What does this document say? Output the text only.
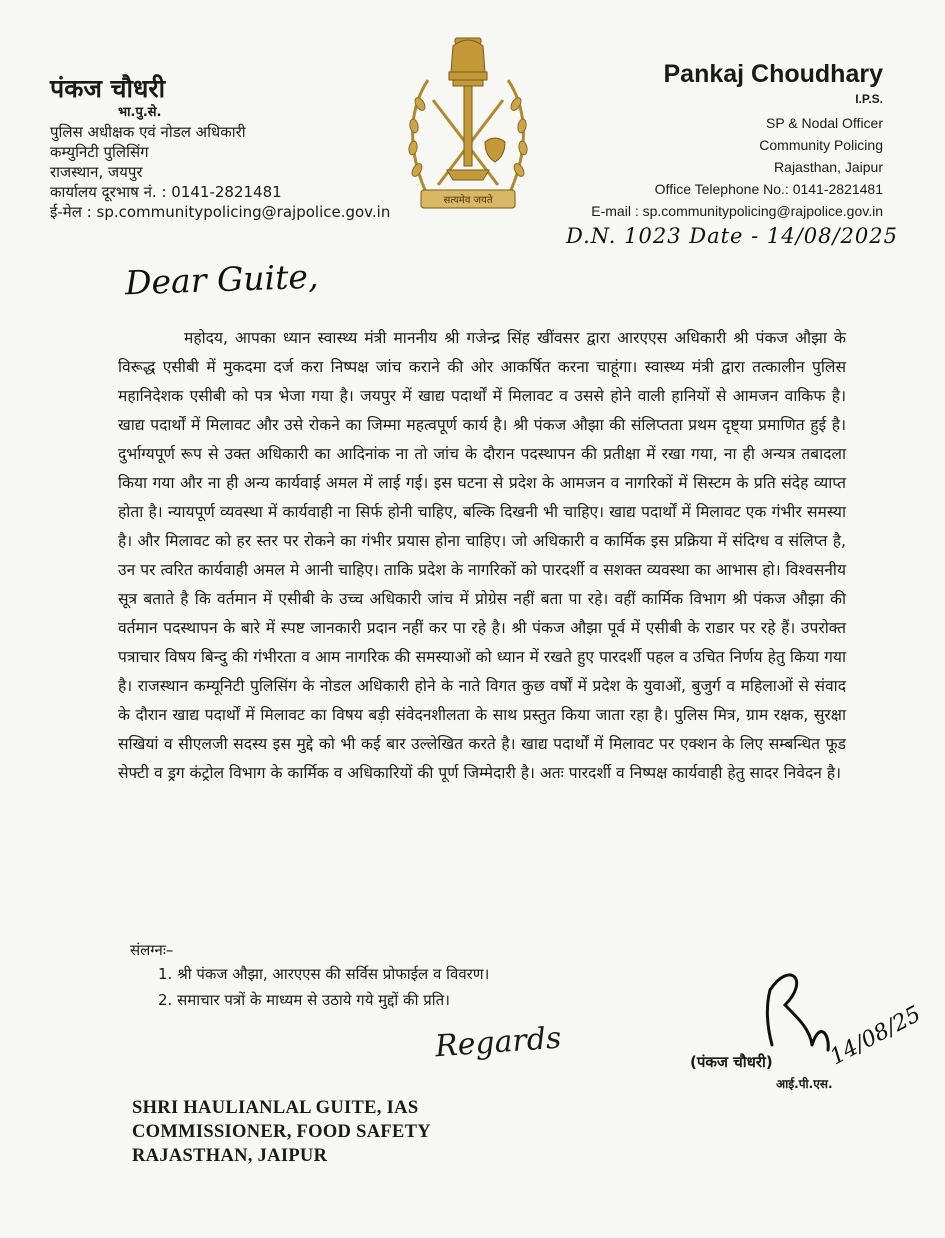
पंकज चौधरी
भा.पु.से.
पुलिस अधीक्षक एवं नोडल अधिकारी
कम्युनिटी पुलिसिंग
राजस्थान, जयपुर
कार्यालय दूरभाष नं. : 0141-2821481
ई-मेल : sp.communitypolicing@rajpolice.gov.in
सत्यमेव जयते
Pankaj Choudhary
I.P.S.
SP & Nodal Officer
Community Policing
Rajasthan, Jaipur
Office Telephone No.: 0141-2821481
E-mail : sp.communitypolicing@rajpolice.gov.in
D.N. 1023 Date - 14/08/2025
Dear Guite,

महोदय, आपका ध्यान स्वास्थ्य मंत्री माननीय श्री गजेन्द्र सिंह खींवसर द्वारा आरएएस अधिकारी श्री पंकज औझा के विरूद्ध एसीबी में मुकदमा दर्ज करा निष्पक्ष जांच कराने की ओर आकर्षित करना चाहूंगा। स्वास्थ्य मंत्री द्वारा तत्कालीन पुलिस महानिदेशक एसीबी को पत्र भेजा गया है। जयपुर में खाद्य पदार्थों में मिलावट व उससे होने वाली हानियों से आमजन वाकिफ है। खाद्य पदार्थों में मिलावट और उसे रोकने का जिम्मा महत्वपूर्ण कार्य है। श्री पंकज औझा की संलिप्तता प्रथम दृष्ट्या प्रमाणित हुई है। दुर्भाग्यपूर्ण रूप से उक्त अधिकारी का आदिनांक ना तो जांच के दौरान पदस्थापन की प्रतीक्षा में रखा गया, ना ही अन्यत्र तबादला किया गया और ना ही अन्य कार्यवाई अमल में लाई गई। इस घटना से प्रदेश के आमजन व नागरिकों में सिस्टम के प्रति संदेह व्याप्त होता है। न्यायपूर्ण व्यवस्था में कार्यवाही ना सिर्फ होनी चाहिए, बल्कि दिखनी भी चाहिए। खाद्य पदार्थों में मिलावट एक गंभीर समस्या है। और मिलावट को हर स्तर पर रोकने का गंभीर प्रयास होना चाहिए। जो अधिकारी व कार्मिक इस प्रक्रिया में संदिग्ध व संलिप्त है, उन पर त्वरित कार्यवाही अमल मे आनी चाहिए। ताकि प्रदेश के नागरिकों को पारदर्शी व सशक्त व्यवस्था का आभास हो। विश्वसनीय सूत्र बताते है कि वर्तमान में एसीबी के उच्च अधिकारी जांच में प्रोग्रेस नहीं बता पा रहे। वहीं कार्मिक विभाग श्री पंकज औझा की वर्तमान पदस्थापन के बारे में स्पष्ट जानकारी प्रदान नहीं कर पा रहे है। श्री पंकज औझा पूर्व में एसीबी के राडार पर रहे हैं। उपरोक्त पत्राचार विषय बिन्दु की गंभीरता व आम नागरिक की समस्याओं को ध्यान में रखते हुए पारदर्शी पहल व उचित निर्णय हेतु किया गया है। राजस्थान कम्यूनिटी पुलिसिंग के नोडल अधिकारी होने के नाते विगत कुछ वर्षों में प्रदेश के युवाओं, बुजुर्ग व महिलाओं से संवाद के दौरान खाद्य पदार्थों में मिलावट का विषय बड़ी संवेदनशीलता के साथ प्रस्तुत किया जाता रहा है। पुलिस मित्र, ग्राम रक्षक, सुरक्षा सखियां व सीएलजी सदस्य इस मुद्दे को भी कई बार उल्लेखित करते है। खाद्य पदार्थों में मिलावट पर एक्शन के लिए सम्बन्धित फूड सेफ्टी व ड्रग कंट्रोल विभाग के कार्मिक व अधिकारियों की पूर्ण जिम्मेदारी है। अतः पारदर्शी व निष्पक्ष कार्यवाही हेतु सादर निवेदन है।

संलग्नः–
1. श्री पंकज औझा, आरएएस की सर्विस प्रोफाईल व विवरण।
2. समाचार पत्रों के माध्यम से उठाये गये मुद्दों की प्रति।
Regards	14/08/25
(पंकज चौधरी)
आई.पी.एस.
SHRI HAULIANLAL GUITE, IAS
COMMISSIONER, FOOD SAFETY
RAJASTHAN, JAIPUR
